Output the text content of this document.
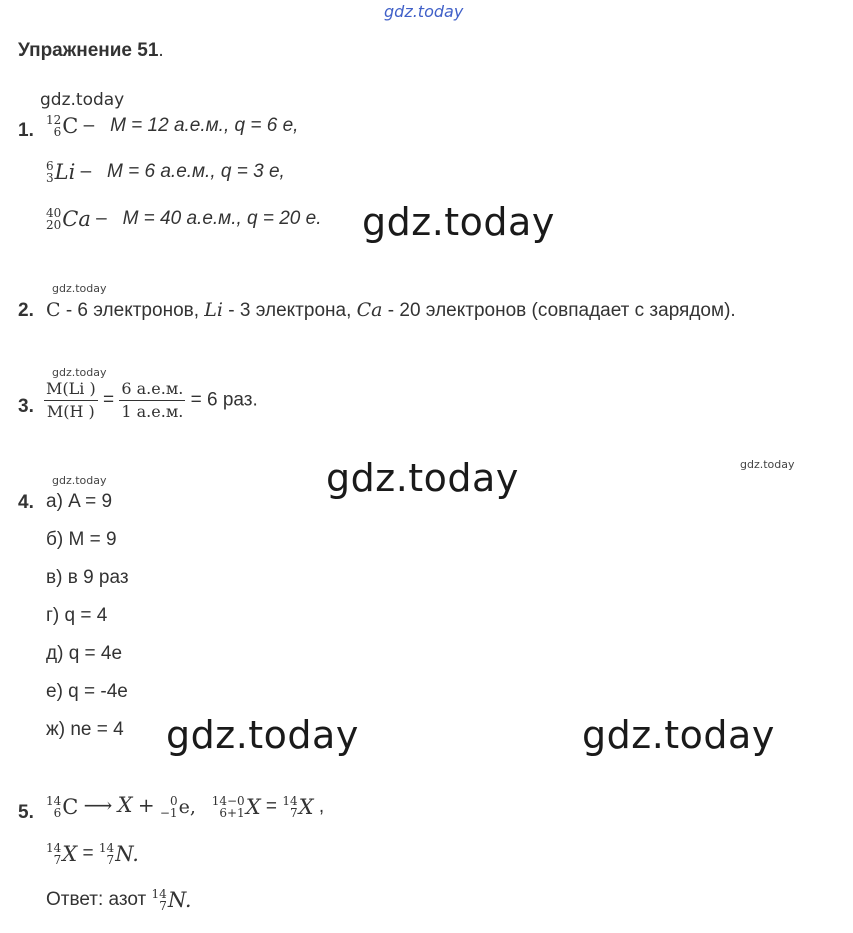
gdz.today
Упражнение 51.
gdz.today
1. 12
6 C – M = 12 а.е.м., q = 6 e,
6
3 Li – M = 6 а.е.м., q = 3 e,
40
20 Ca – M = 40 а.е.м., q = 20 e. gdz.today
gdz.today
2. C - 6 электронов, Li - 3 электрона, Ca - 20 электронов (совпадает с зарядом).
gdz.today
3. $\frac{M(Li )}{M(H )} = \frac{6 а.е.м.}{1 а.е.м.} = 6$ раз.
gdz.today	gdz.today	gdz.today
4. а) A = 9
б) M = 9
в) в 9 раз
г) q = 4
д) q = 4e
е) q = -4e
ж) ne = 4 gdz.today	gdz.today
5.
14
6 C ⟶ X + 0
−1 e, 14−0
6+1 X = 14
7 X ,
14
7 X = 14
7 N.
Ответ: азот 14
7 N.
